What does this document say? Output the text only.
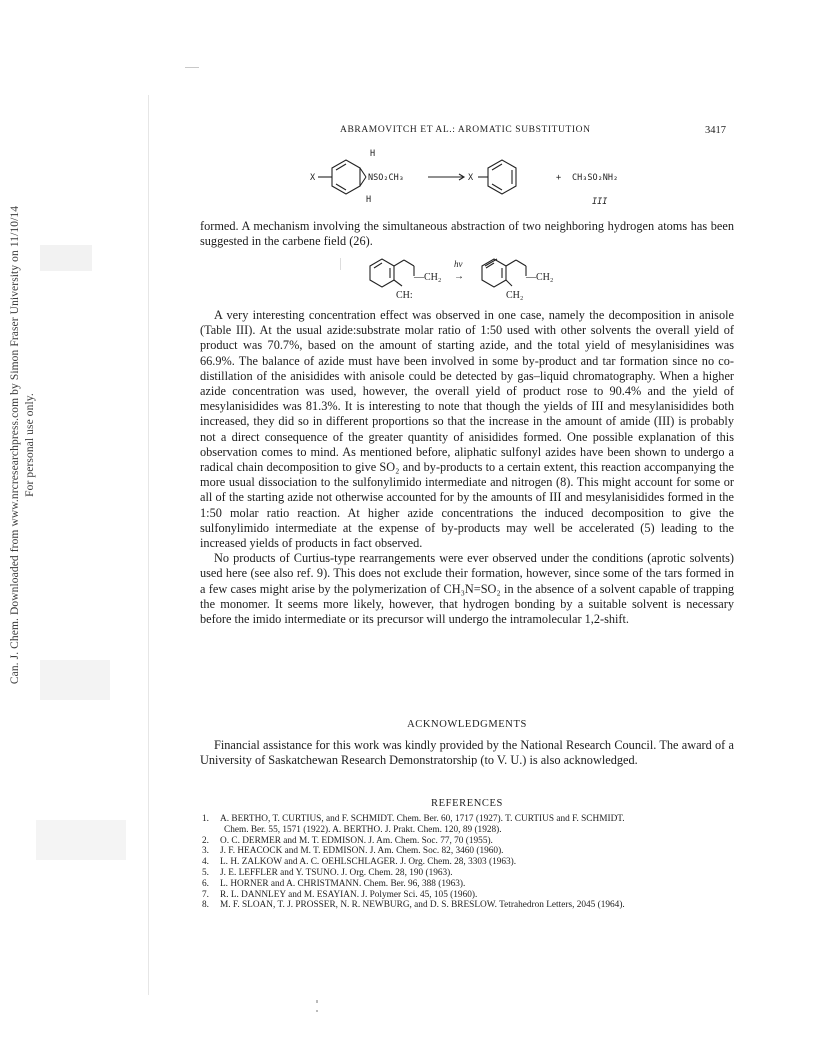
Can. J. Chem. Downloaded from www.nrcresearchpress.com by Simon Fraser University on 11/10/14 For personal use only.
ABRAMOVITCH ET AL.: AROMATIC SUBSTITUTION	3417
X
H
H
NSO₂CH₃	X	+ CH₃SO₂NH₂
III

formed. A mechanism involving the simultaneous abstraction of two neighboring hydrogen atoms has been suggested in the carbene field (26).

—CH₂
CH:
hν
→	—CH₂
CH₂

A very interesting concentration effect was observed in one case, namely the decomposition in anisole (Table III). At the usual azide:substrate molar ratio of 1:50 used with other solvents the overall yield of product was 70.7%, based on the amount of starting azide, and the total yield of mesylanisidines was 66.9%. The balance of azide must have been involved in some by-product and tar formation since no co-distillation of the anisidides with anisole could be detected by gas–liquid chromatography. When a higher azide concentration was used, however, the overall yield of product rose to 90.4% and the yield of mesylanisidides was 81.3%. It is interesting to note that though the yields of III and mesylanisidides both increased, they did so in different proportions so that the increase in the amount of amide (III) is probably not a direct consequence of the greater quantity of anisidides formed. One possible explanation of this observation comes to mind. As mentioned before, aliphatic sulfonyl azides have been shown to undergo a radical chain decomposition to give SO₂ and by-products to a certain extent, this reaction accompanying the more usual dissociation to the sulfonylimido intermediate and nitrogen (8). This might account for some or all of the starting azide not otherwise accounted for by the amounts of III and mesylanisidides formed in the 1:50 molar ratio reaction. At higher azide concentrations the induced decomposition to give the sulfonylimido intermediate at the expense of by-products may well be accelerated (5) leading to the increased yields of products in fact observed.

No products of Curtius-type rearrangements were ever observed under the conditions (aprotic solvents) used here (see also ref. 9). This does not exclude their formation, however, since some of the tars formed in a few cases might arise by the polymerization of CH₃N=SO₂ in the absence of a solvent capable of trapping the monomer. It seems more likely, however, that hydrogen bonding by a suitable solvent is necessary before the imido intermediate or its precursor will undergo the intramolecular 1,2-shift.

ACKNOWLEDGMENTS
Financial assistance for this work was kindly provided by the National Research Council. The award of a University of Saskatchewan Research Demonstratorship (to V. U.) is also acknowledged.
REFERENCES
1. A. BERTHO, T. CURTIUS, and F. SCHMIDT. Chem. Ber. 60, 1717 (1927). T. CURTIUS and F. SCHMIDT.
Chem. Ber. 55, 1571 (1922). A. BERTHO. J. Prakt. Chem. 120, 89 (1928).
2. O. C. DERMER and M. T. EDMISON. J. Am. Chem. Soc. 77, 70 (1955).
3. J. F. HEACOCK and M. T. EDMISON. J. Am. Chem. Soc. 82, 3460 (1960).
4. L. H. ZALKOW and A. C. OEHLSCHLAGER. J. Org. Chem. 28, 3303 (1963).
5. J. E. LEFFLER and Y. TSUNO. J. Org. Chem. 28, 190 (1963).
6. L. HORNER and A. CHRISTMANN. Chem. Ber. 96, 388 (1963).
7. R. L. DANNLEY and M. ESAYIAN. J. Polymer Sci. 45, 105 (1960).
8. M. F. SLOAN, T. J. PROSSER, N. R. NEWBURG, and D. S. BRESLOW. Tetrahedron Letters, 2045 (1964).
